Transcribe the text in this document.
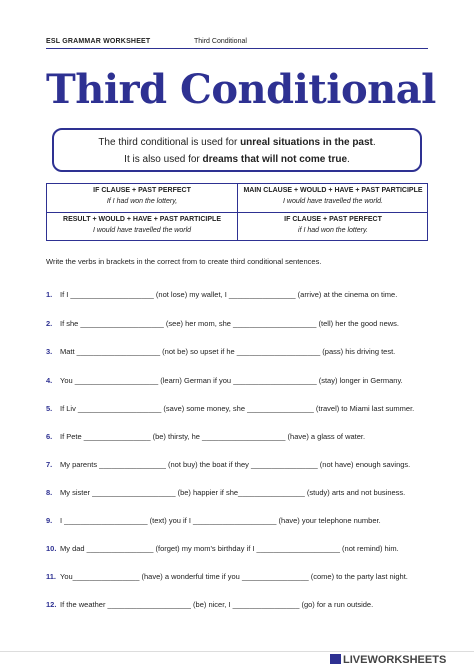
ESL GRAMMAR WORKSHEET	Third Conditional
Third Conditional
The third conditional is used for unreal situations in the past.
It is also used for dreams that will not come true.
IF CLAUSE + PAST PERFECT
If I had won the lottery,
MAIN CLAUSE + WOULD + HAVE + PAST PARTICIPLE
I would have travelled the world.
RESULT + WOULD + HAVE + PAST PARTICIPLE
I would have travelled the world
IF CLAUSE + PAST PERFECT
if I had won the lottery.
Write the verbs in brackets in the correct from to create third conditional sentences.
1. If I ____________________ (not lose) my wallet, I ________________ (arrive) at the cinema on time.
2. If she ____________________ (see) her mom, she ____________________ (tell) her the good news.
3. Matt ____________________ (not be) so upset if he ____________________ (pass) his driving test.
4. You ____________________ (learn) German if you ____________________ (stay) longer in Germany.
5. If Liv ____________________ (save) some money, she ________________ (travel) to Miami last summer.
6. If Pete ________________ (be) thirsty, he ____________________ (have) a glass of water.
7. My parents ________________ (not buy) the boat if they ________________ (not have) enough savings.
8. My sister ____________________ (be) happier if she________________ (study) arts and not business.
9. I ____________________ (text) you if I ____________________ (have) your telephone number.
10. My dad ________________ (forget) my mom's birthday if I ____________________ (not remind) him.
11. You________________ (have) a wonderful time if you ________________ (come) to the party last night.
12. If the weather ____________________ (be) nicer, I ________________ (go) for a run outside.
LIVEWORKSHEETS
